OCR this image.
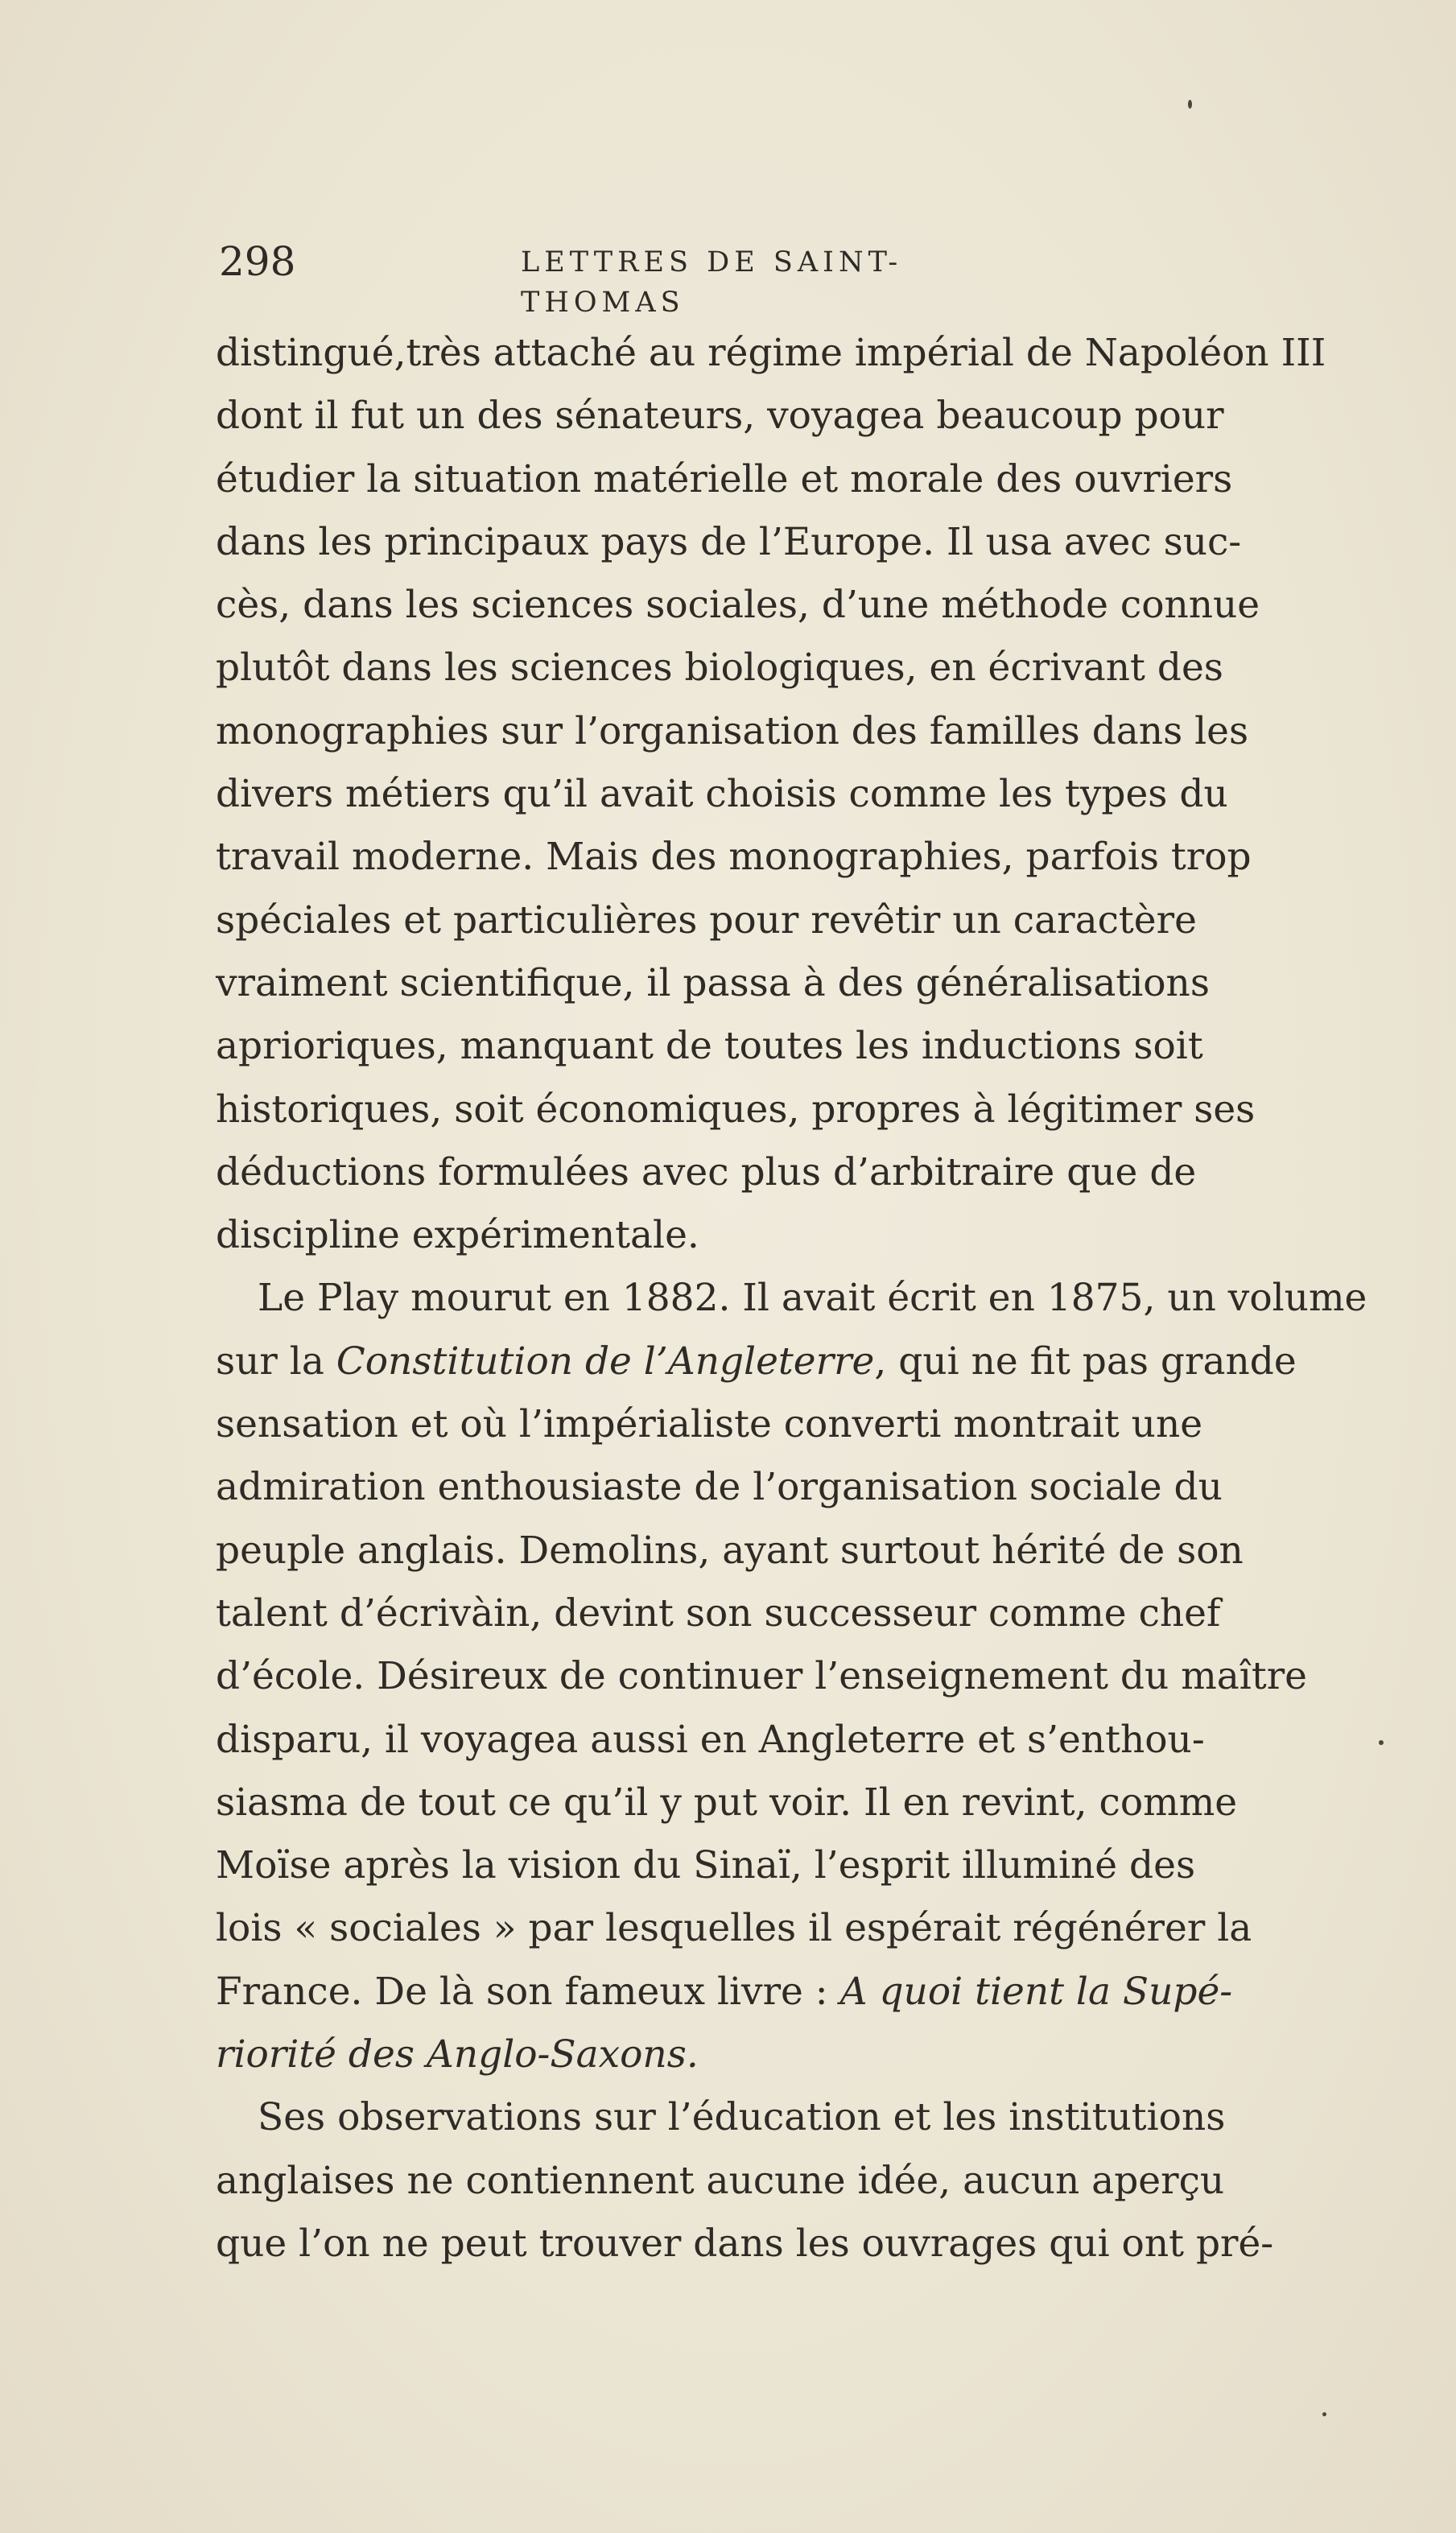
298	LETTRES DE SAINT-THOMAS
distingué,très attaché au régime impérial de Napoléon III
dont il fut un des sénateurs, voyagea beaucoup pour
étudier la situation matérielle et morale des ouvriers
dans les principaux pays de l’Europe. Il usa avec suc-
cès, dans les sciences sociales, d’une méthode connue
plutôt dans les sciences biologiques, en écrivant des
monographies sur l’organisation des familles dans les
divers métiers qu’il avait choisis comme les types du
travail moderne. Mais des monographies, parfois trop
spéciales et particulières pour revêtir un caractère
vraiment scientifique, il passa à des généralisations
aprioriques, manquant de toutes les inductions soit
historiques, soit économiques, propres à légitimer ses
déductions formulées avec plus d’arbitraire que de
discipline expérimentale.
Le Play mourut en 1882. Il avait écrit en 1875, un volume
sur la Constitution de l’Angleterre, qui ne fit pas grande
sensation et où l’impérialiste converti montrait une
admiration enthousiaste de l’organisation sociale du
peuple anglais. Demolins, ayant surtout hérité de son
talent d’écrivàin, devint son successeur comme chef
d’école. Désireux de continuer l’enseignement du maître
disparu, il voyagea aussi en Angleterre et s’enthou-
siasma de tout ce qu’il y put voir. Il en revint, comme
Moïse après la vision du Sinaï, l’esprit illuminé des
lois « sociales » par lesquelles il espérait régénérer la
France. De là son fameux livre : A quoi tient la Supé-
riorité des Anglo-Saxons.
Ses observations sur l’éducation et les institutions
anglaises ne contiennent aucune idée, aucun aperçu
que l’on ne peut trouver dans les ouvrages qui ont pré-
